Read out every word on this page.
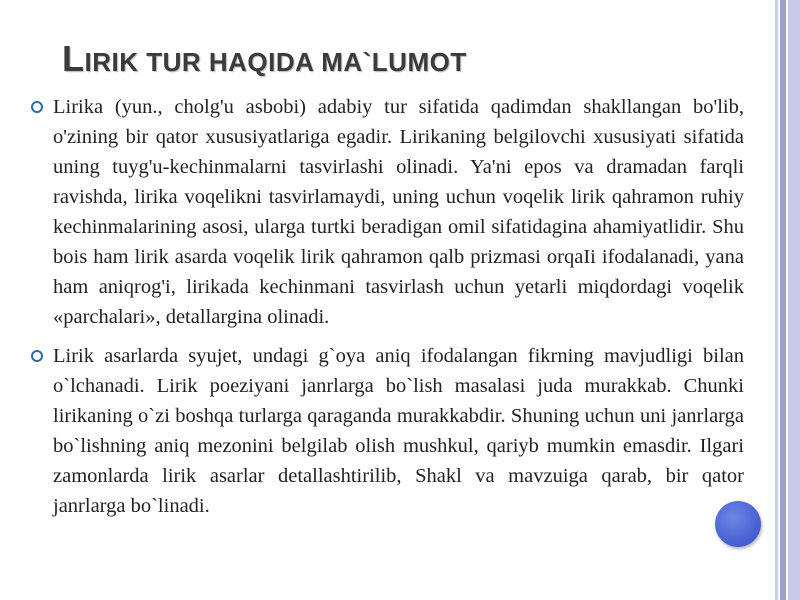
LIRIK TUR HAQIDA MA`LUMOT
Lirika (yun., cholg'u asbobi) adabiy tur sifatida qadimdan shakllangan bo'lib, o'zining bir qator xususiyatlariga egadir. Lirikaning belgilovchi xususiyati sifatida uning tuyg'u-kechinmalarni tasvirlashi olinadi. Ya'ni epos va dramadan farqli ravishda, lirika voqelikni tasvirlamaydi, uning uchun voqelik lirik qahramon ruhiy kechinmalarining asosi, ularga turtki beradigan omil sifatidagina ahamiyatlidir. Shu bois ham lirik asarda voqelik lirik qahramon qalb prizmasi orqaIi ifodalanadi, yana ham aniqrog'i, lirikada kechinmani tasvirlash uchun yetarli miqdordagi voqelik «parchalari», detallargina olinadi.
Lirik asarlarda syujet, undagi g`oya aniq ifodalangan fikrning mavjudligi bilan o`lchanadi. Lirik poeziyani janrlarga bo`lish masalasi juda murakkab. Chunki lirikaning o`zi boshqa turlarga qaraganda murakkabdir. Shuning uchun uni janrlarga bo`lishning aniq mezonini belgilab olish mushkul, qariyb mumkin emasdir. Ilgari zamonlarda lirik asarlar detallashtirilib, Shakl va mavzuiga qarab, bir qator janrlarga bo`linadi.
